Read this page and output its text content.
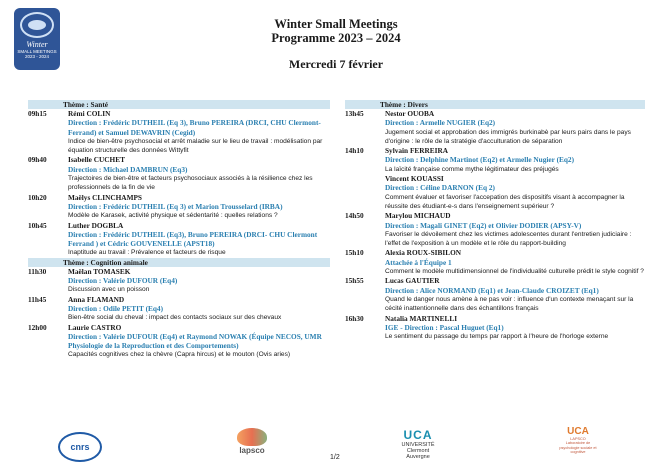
Winter
SMALL MEETINGS
2023 - 2024
Winter Small Meetings
Programme 2023 – 2024
Mercredi 7 février
Thème : Santé
09h15	Rémi COLIN
Direction : Frédéric DUTHEIL (Eq 3), Bruno PEREIRA (DRCI, CHU Clermont-Ferrand) et Samuel DEWAVRIN (Cegid)
Indice de bien-être psychosocial et arrêt maladie sur le lieu de travail : modélisation par équation structurelle des données Wittyfit
09h40	Isabelle CUCHET
Direction : Michael DAMBRUN (Eq3)
Trajectoires de bien-être et facteurs psychosociaux associés à la résilience chez les professionnels de la fin de vie
10h20	Maëlys CLINCHAMPS
Direction : Frédéric DUTHEIL (Eq 3) et Marion Trousselard (IRBA)
Modèle de Karasek, activité physique et sédentarité : quelles relations ?
10h45	Luther DOGBLA
Direction : Frédéric DUTHEIL (Eq3), Bruno PEREIRA (DRCI- CHU Clermont Ferrand ) et Cédric GOUVENELLE (APST18)
Inaptitude au travail : Prévalence et facteurs de risque
Thème : Cognition animale
11h30	Maëlan TOMASEK
Direction : Valérie DUFOUR (Eq4)
Discussion avec un poisson
11h45	Anna FLAMAND
Direction : Odile PETIT (Eq4)
Bien-être social du cheval : impact des contacts sociaux sur des chevaux
12h00	Laurie CASTRO
Direction : Valérie DUFOUR (Eq4) et Raymond NOWAK (Équipe NECOS, UMR Physiologie de la Reproduction et des Comportements)
Capacités cognitives chez la chèvre (Capra hircus) et le mouton (Ovis aries)
Thème : Divers
13h45	Nestor OUOBA
Direction : Armelle NUGIER (Eq2)
Jugement social et approbation des immigrés burkinabè par leurs pairs dans le pays d'origine : le rôle de la stratégie d'acculturation de séparation
14h10	Sylvain FERREIRA
Direction : Delphine Martinot (Eq2) et Armelle Nugier (Eq2)
La laïcité française comme mythe légitimateur des préjugés
Vincent KOUASSI
Direction : Céline DARNON (Eq 2)
Comment évaluer et favoriser l'accepation des dispositifs visant à accompagner la réussite des étudiant-e-s dans l'enseignement supérieur ?
14h50	Marylou MICHAUD
Direction : Magali GINET (Eq2) et Olivier DODIER (APSY-V)
Favoriser le dévoilement chez les victimes adolescentes durant l'entretien judiciaire : l'effet de l'exposition à un modèle et le rôle du rapport-building
15h10	Alexia ROUX-SIBILON
Attachée à l'Équipe 1
Comment le modèle multidimensionnel de l'individualité culturelle prédit le style cognitif ?
15h55	Lucas GAUTIER
Direction : Alice NORMAND (Eq1) et Jean-Claude CROIZET (Eq1)
Quand le danger nous amène à ne pas voir : influence d'un contexte menaçant sur la cécité inattentionnelle dans des échantillons français
16h30	Natalia MARTINELLI
IGE - Direction : Pascal Huguet (Eq1)
Le sentiment du passage du temps par rapport à l'heure de l'horloge externe
cnrs	lapsco
1/2
UCA
UNIVERSITÉ
Clermont
Auvergne
UCA
LAPSCO
Laboratoire de psychologie sociale et cognitive
